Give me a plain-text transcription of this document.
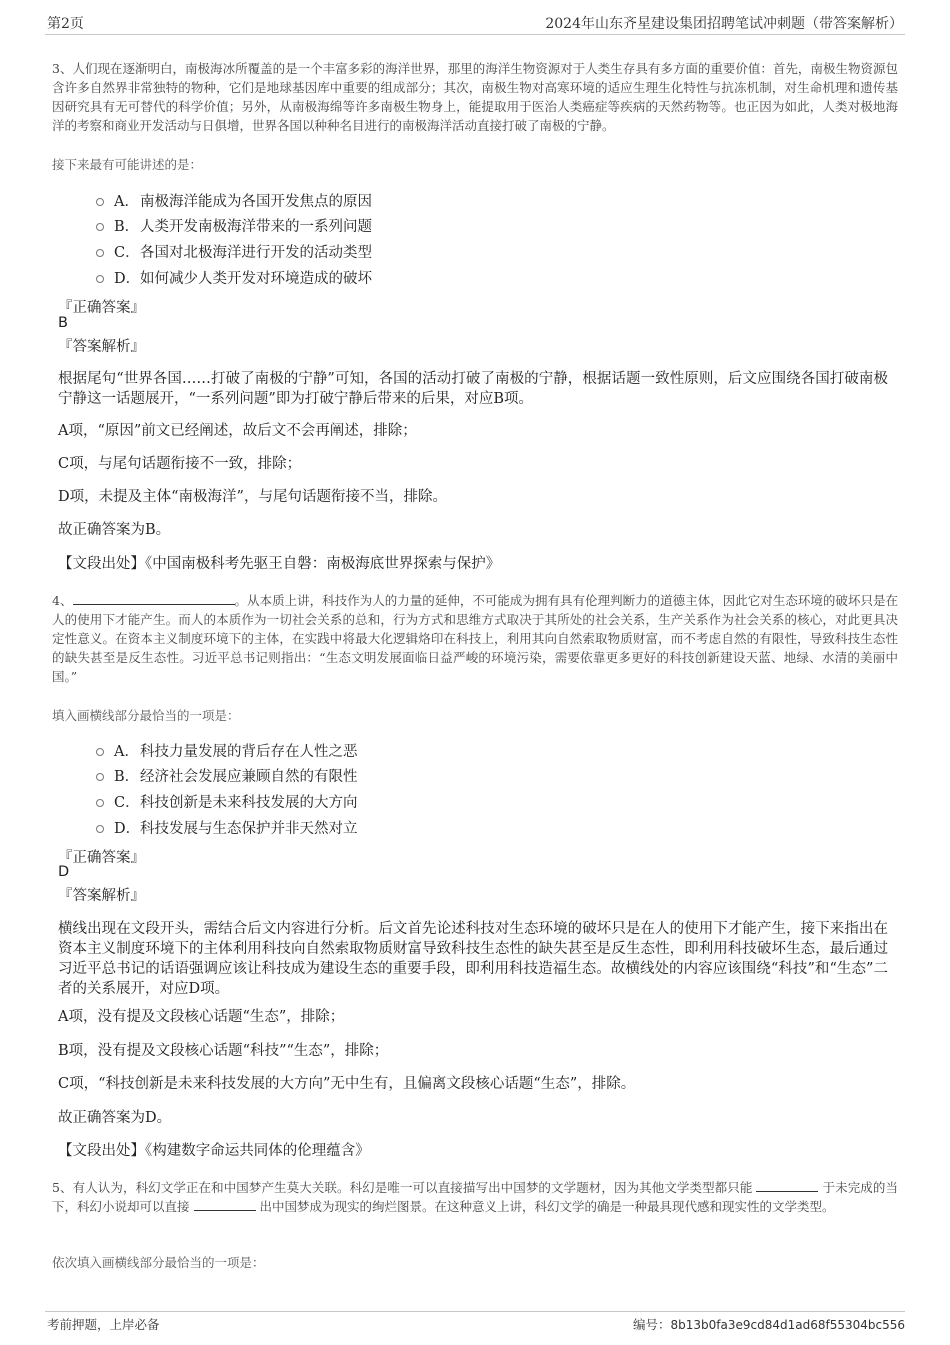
第2页	2024年山东齐星建设集团招聘笔试冲刺题（带答案解析）
3、人们现在逐渐明白，南极海冰所覆盖的是一个丰富多彩的海洋世界，那里的海洋生物资源对于人类生存具有多方面的重要价值：首先，南极生物资源包含许多自然界非常独特的物种，它们是地球基因库中重要的组成部分；其次，南极生物对高寒环境的适应生理生化特性与抗冻机制，对生命机理和遗传基因研究具有无可替代的科学价值；另外，从南极海绵等许多南极生物身上，能提取用于医治人类癌症等疾病的天然药物等。也正因为如此，人类对极地海洋的考察和商业开发活动与日俱增，世界各国以种种名目进行的南极海洋活动直接打破了南极的宁静。
接下来最有可能讲述的是：
A． 南极海洋能成为各国开发焦点的原因
B． 人类开发南极海洋带来的一系列问题
C． 各国对北极海洋进行开发的活动类型
D． 如何减少人类开发对环境造成的破坏
『正确答案』
B
『答案解析』
根据尾句“世界各国……打破了南极的宁静”可知，各国的活动打破了南极的宁静，根据话题一致性原则，后文应围绕各国打破南极宁静这一话题展开，“一系列问题”即为打破宁静后带来的后果，对应B项。
A项，“原因”前文已经阐述，故后文不会再阐述，排除；
C项，与尾句话题衔接不一致，排除；
D项，未提及主体“南极海洋”，与尾句话题衔接不当，排除。
故正确答案为B。
【文段出处】《中国南极科考先驱王自磐：南极海底世界探索与保护》
4、	。从本质上讲，科技作为人的力量的延伸，不可能成为拥有具有伦理判断力的道德主体，因此它对生态环境的破坏只是在人的使用下才能产生。而人的本质作为一切社会关系的总和，行为方式和思维方式取决于其所处的社会关系，生产关系作为社会关系的核心，对此更具决定性意义。在资本主义制度环境下的主体，在实践中将最大化逻辑烙印在科技上，利用其向自然索取物质财富，而不考虑自然的有限性，导致科技生态性的缺失甚至是反生态性。习近平总书记则指出：“生态文明发展面临日益严峻的环境污染，需要依靠更多更好的科技创新建设天蓝、地绿、水清的美丽中国。”
填入画横线部分最恰当的一项是：
A． 科技力量发展的背后存在人性之恶
B． 经济社会发展应兼顾自然的有限性
C． 科技创新是未来科技发展的大方向
D． 科技发展与生态保护并非天然对立
『正确答案』
D
『答案解析』
横线出现在文段开头，需结合后文内容进行分析。后文首先论述科技对生态环境的破坏只是在人的使用下才能产生，接下来指出在资本主义制度环境下的主体利用科技向自然索取物质财富导致科技生态性的缺失甚至是反生态性，即利用科技破坏生态，最后通过习近平总书记的话语强调应该让科技成为建设生态的重要手段，即利用科技造福生态。故横线处的内容应该围绕“科技”和“生态”二者的关系展开，对应D项。
A项，没有提及文段核心话题“生态”，排除；
B项，没有提及文段核心话题“科技”“生态”，排除；
C项，“科技创新是未来科技发展的大方向”无中生有，且偏离文段核心话题“生态”，排除。
故正确答案为D。
【文段出处】《构建数字命运共同体的伦理蕴含》
5、有人认为，科幻文学正在和中国梦产生莫大关联。科幻是唯一可以直接描写出中国梦的文学题材，因为其他文学类型都只能	于未完成的当下，科幻小说却可以直接	出中国梦成为现实的绚烂图景。在这种意义上讲，科幻文学的确是一种最具现代感和现实性的文学类型。
依次填入画横线部分最恰当的一项是：
考前押题，上岸必备	编号：8b13b0fa3e9cd84d1ad68f55304bc556
